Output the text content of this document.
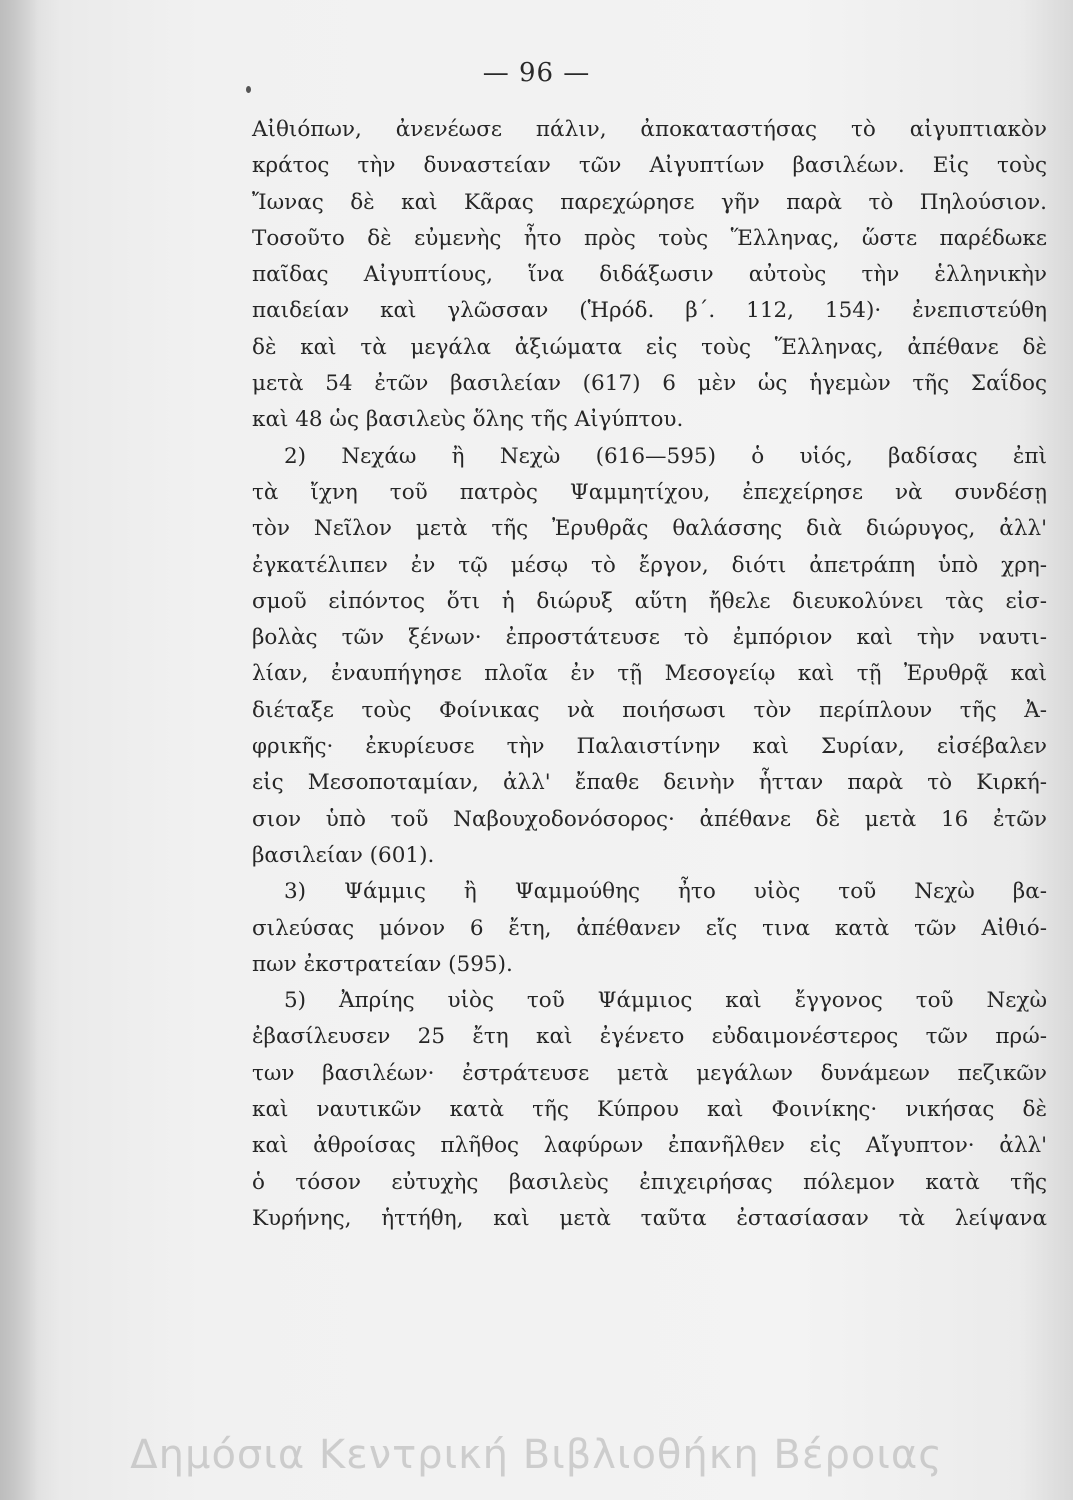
— 96 —
Αἰθιόπων, ἀνενέωσε πάλιν, ἀποκαταστήσας τὸ αἰγυπτιακὸν
κράτος τὴν δυναστείαν τῶν Αἰγυπτίων βασιλέων. Εἰς τοὺς
Ἴωνας δὲ καὶ Κᾶρας παρεχώρησε γῆν παρὰ τὸ Πηλούσιον.
Τοσοῦτο δὲ εὐμενὴς ἦτο πρὸς τοὺς Ἕλληνας, ὥστε παρέδωκε
παῖδας Αἰγυπτίους, ἵνα διδάξωσιν αὐτοὺς τὴν ἑλληνικὴν
παιδείαν καὶ γλῶσσαν (Ἡρόδ. β΄. 112, 154)· ἐνεπιστεύθη
δὲ καὶ τὰ μεγάλα ἀξιώματα εἰς τοὺς Ἕλληνας, ἀπέθανε δὲ
μετὰ 54 ἐτῶν βασιλείαν (617) 6 μὲν ὡς ἡγεμὼν τῆς Σαΐδος
καὶ 48 ὡς βασιλεὺς ὅλης τῆς Αἰγύπτου.
2) Νεχάω ἢ Νεχὼ (616—595) ὁ υἱός, βαδίσας ἐπὶ
τὰ ἴχνη τοῦ πατρὸς Ψαμμητίχου, ἐπεχείρησε νὰ συνδέσῃ
τὸν Νεῖλον μετὰ τῆς Ἐρυθρᾶς θαλάσσης διὰ διώρυγος, ἀλλ'
ἐγκατέλιπεν ἐν τῷ μέσῳ τὸ ἔργον, διότι ἀπετράπη ὑπὸ χρη-
σμοῦ εἰπόντος ὅτι ἡ διώρυξ αὕτη ἤθελε διευκολύνει τὰς εἰσ-
βολὰς τῶν ξένων· ἐπροστάτευσε τὸ ἐμπόριον καὶ τὴν ναυτι-
λίαν, ἐναυπήγησε πλοῖα ἐν τῇ Μεσογείῳ καὶ τῇ Ἐρυθρᾷ καὶ
διέταξε τοὺς Φοίνικας νὰ ποιήσωσι τὸν περίπλουν τῆς Ἀ-
φρικῆς· ἐκυρίευσε τὴν Παλαιστίνην καὶ Συρίαν, εἰσέβαλεν
εἰς Μεσοποταμίαν, ἀλλ' ἔπαθε δεινὴν ἧτταν παρὰ τὸ Κιρκή-
σιον ὑπὸ τοῦ Ναβουχοδονόσορος· ἀπέθανε δὲ μετὰ 16 ἐτῶν
βασιλείαν (601).
3) Ψάμμις ἢ Ψαμμούθης ἦτο υἱὸς τοῦ Νεχὼ βα-
σιλεύσας μόνον 6 ἔτη, ἀπέθανεν εἴς τινα κατὰ τῶν Αἰθιό-
πων ἐκστρατείαν (595).
5) Ἀπρίης υἱὸς τοῦ Ψάμμιος καὶ ἔγγονος τοῦ Νεχὼ
ἐβασίλευσεν 25 ἔτη καὶ ἐγένετο εὐδαιμονέστερος τῶν πρώ-
των βασιλέων· ἐστράτευσε μετὰ μεγάλων δυνάμεων πεζικῶν
καὶ ναυτικῶν κατὰ τῆς Κύπρου καὶ Φοινίκης· νικήσας δὲ
καὶ ἀθροίσας πλῆθος λαφύρων ἐπανῆλθεν εἰς Αἴγυπτον· ἀλλ'
ὁ τόσον εὐτυχὴς βασιλεὺς ἐπιχειρήσας πόλεμον κατὰ τῆς
Κυρήνης, ἡττήθη, καὶ μετὰ ταῦτα ἐστασίασαν τὰ λείψανα
Δημόσια Κεντρική Βιβλιοθήκη Βέροιας
